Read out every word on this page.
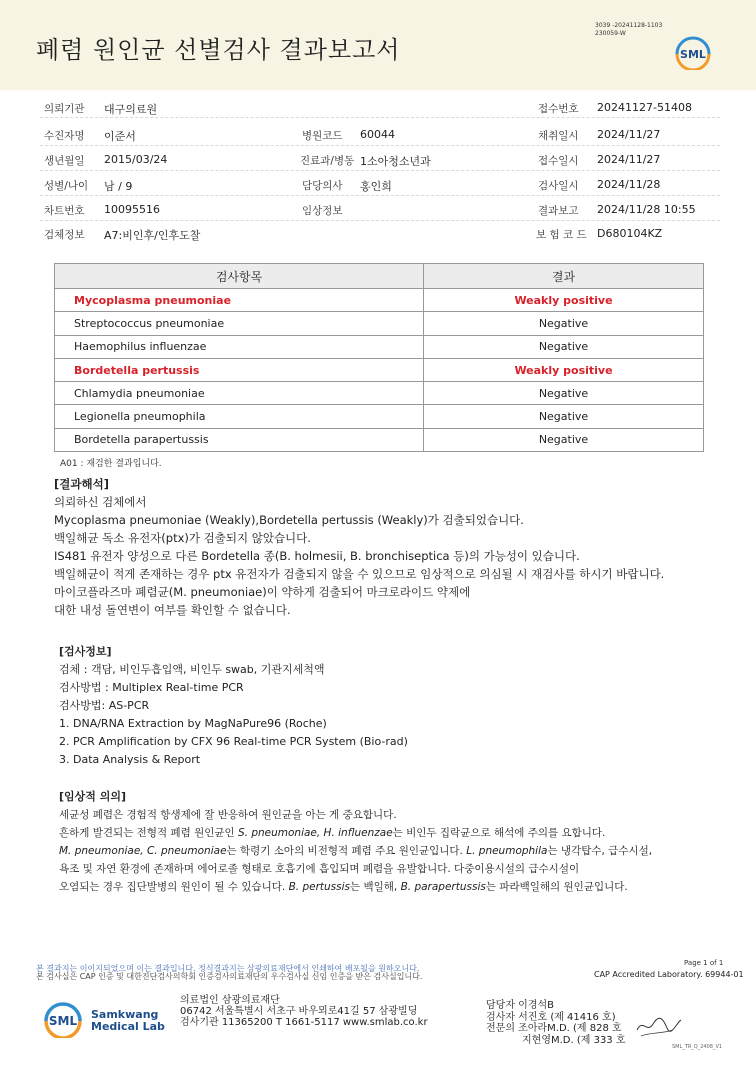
폐렴 원인균 선별검사 결과보고서
3039 -20241128-1103
230059-W
SML
의뢰기관 대구의료원	접수번호 20241127-51408
수진자명 이준서	병원코드 60044	채취일시 2024/11/27
생년월일 2015/03/24	진료과/병동 1소아청소년과	접수일시 2024/11/27
성별/나이 남 / 9	담당의사 홍인희	검사일시 2024/11/28
차트번호 10095516	임상정보	결과보고 2024/11/28 10:55
검체정보 A7:비인후/인후도찰	보 험 코 드 D680104KZ
검사항목	결과
Mycoplasma pneumoniae	Weakly positive
Streptococcus pneumoniae	Negative
Haemophilus influenzae	Negative
Bordetella pertussis	Weakly positive
Chlamydia pneumoniae	Negative
Legionella pneumophila	Negative
Bordetella parapertussis	Negative
A01 : 재검한 결과입니다.
[결과해석]
의뢰하신 검체에서
Mycoplasma pneumoniae (Weakly),Bordetella pertussis (Weakly)가 검출되었습니다.
백일해균 독소 유전자(ptx)가 검출되지 않았습니다.
IS481 유전자 양성으로 다른 Bordetella 종(B. holmesii, B. bronchiseptica 등)의 가능성이 있습니다.
백일해균이 적게 존재하는 경우 ptx 유전자가 검출되지 않을 수 있으므로 임상적으로 의심될 시 재검사를 하시기 바랍니다.
마이코플라즈마 폐렴균(M. pneumoniae)이 약하게 검출되어 마크로라이드 약제에
대한 내성 돌연변이 여부를 확인할 수 없습니다.
[검사정보]
검체 : 객담, 비인두흡입액, 비인두 swab, 기관지세척액
검사방법 : Multiplex Real-time PCR
검사방법: AS-PCR
1. DNA/RNA Extraction by MagNaPure96 (Roche)
2. PCR Amplification by CFX 96 Real-time PCR System (Bio-rad)
3. Data Analysis & Report
[임상적 의의]
세균성 폐렴은 경험적 항생제에 잘 반응하여 원인균을 아는 게 중요합니다.
흔하게 발견되는 전형적 폐렴 원인균인 S. pneumoniae, H. influenzae는 비인두 집락균으로 해석에 주의를 요합니다.
M. pneumoniae, C. pneumoniae는 학령기 소아의 비전형적 폐렴 주요 원인균입니다. L. pneumophila는 냉각탑수, 급수시설,
욕조 및 자연 환경에 존재하며 에어로졸 형태로 호흡기에 흡입되며 폐렴을 유발합니다. 다중이용시설의 급수시설이
오염되는 경우 집단발병의 원인이 될 수 있습니다. B. pertussis는 백일해, B. parapertussis는 파라백일해의 원인균입니다.
Page 1 of 1
본 결과지는 이이지되었으며 이는 결과입니다. 정식결과지는 삼광의료재단에서 인쇄하여 배포될을 원하오니다.
본 검사실은 CAP 인증 및 대한진단검사의학회 인증검사의료재단의 우수검사실 신임 인증을 받은 검사실입니다.	CAP Accredited Laboratory. 69944-01
SML Samkwang
Medical Lab
의료법인 삼광의료재단
06742 서울특별시 서초구 바우뫼로41길 57 삼광빌딩
검사기관 11365200 T 1661-5117 www.smlab.co.kr
담당자 이경석B
검사자 서진호 (제 41416 호)
전문의 조아라M.D. (제 828 호
지현영M.D. (제 333 호
SML_TR_Q_2408_V1
